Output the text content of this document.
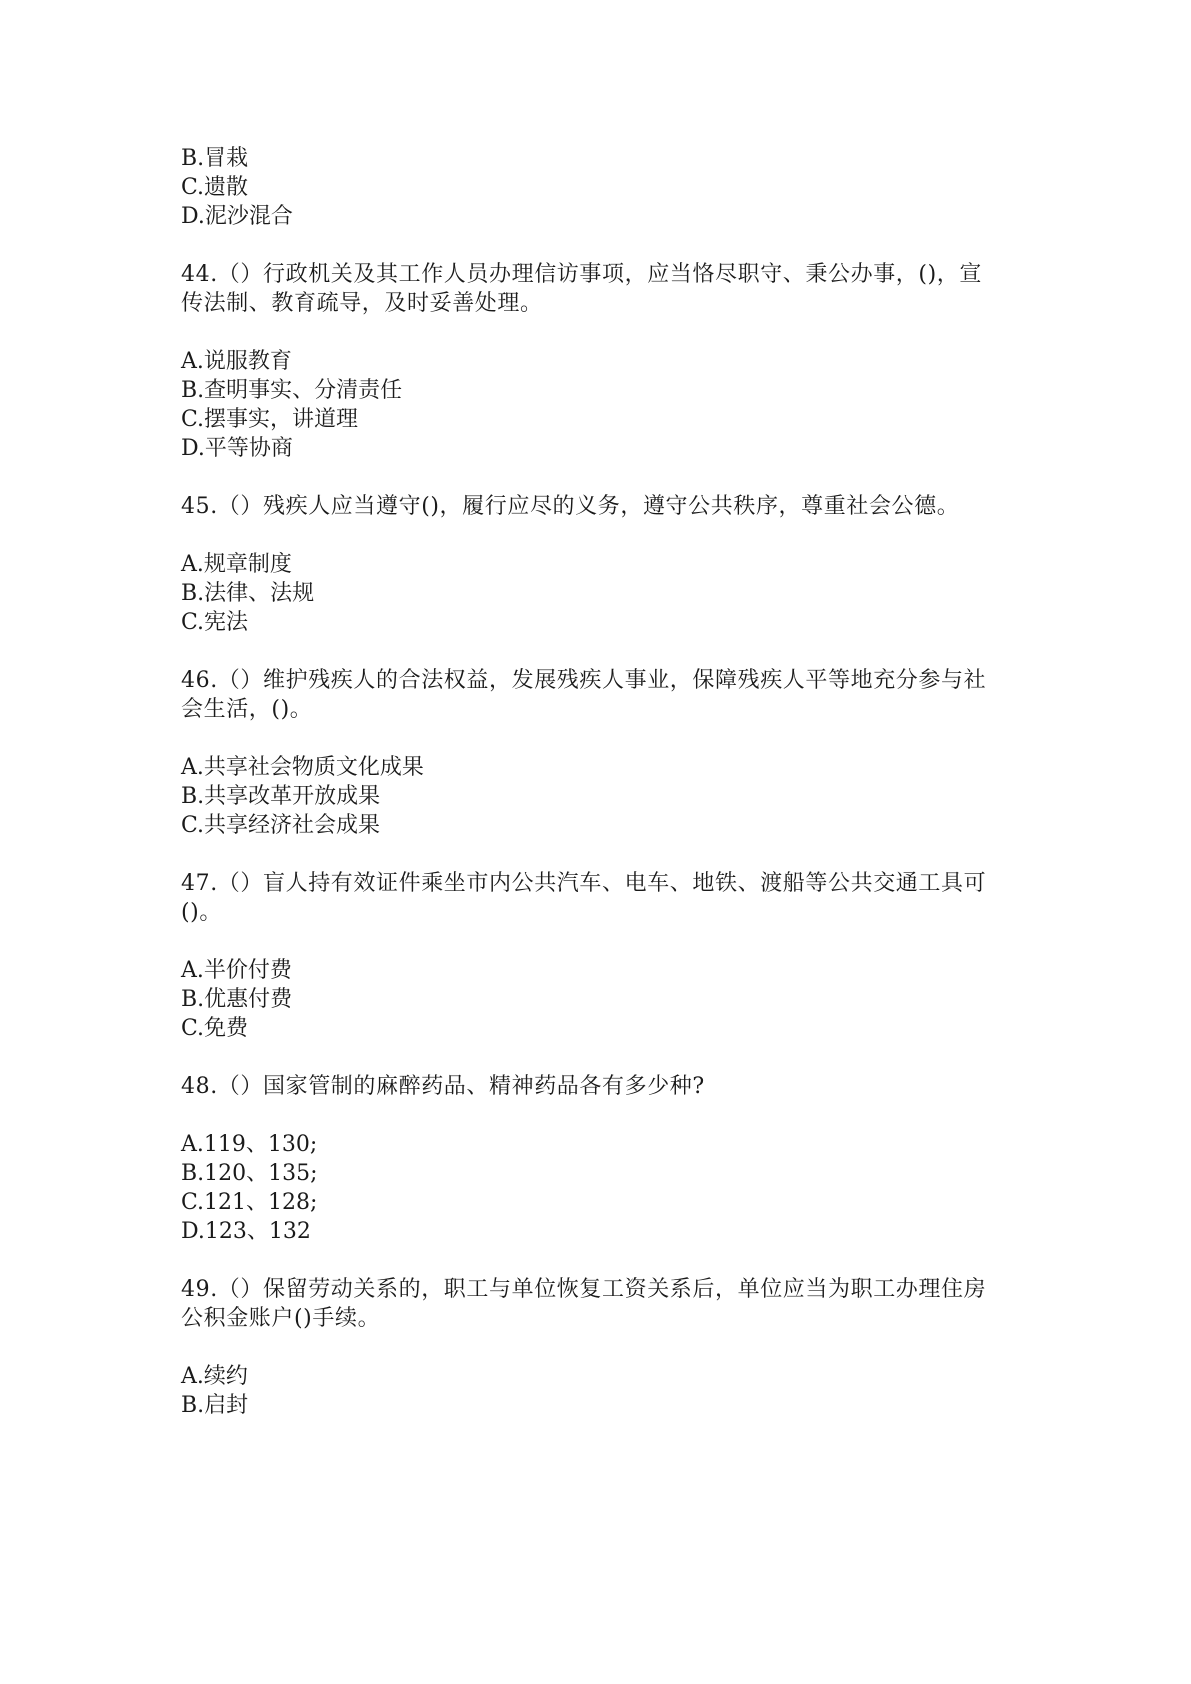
B.冒栽
C.遗散
D.泥沙混合
44.（）行政机关及其工作人员办理信访事项，应当恪尽职守、秉公办事，()，宣
传法制、教育疏导，及时妥善处理。
A.说服教育
B.查明事实、分清责任
C.摆事实，讲道理
D.平等协商
45.（）残疾人应当遵守()，履行应尽的义务，遵守公共秩序，尊重社会公德。
A.规章制度
B.法律、法规
C.宪法
46.（）维护残疾人的合法权益，发展残疾人事业，保障残疾人平等地充分参与社
会生活，()。
A.共享社会物质文化成果
B.共享改革开放成果
C.共享经济社会成果
47.（）盲人持有效证件乘坐市内公共汽车、电车、地铁、渡船等公共交通工具可
()。
A.半价付费
B.优惠付费
C.免费
48.（）国家管制的麻醉药品、精神药品各有多少种?
A.119、130;
B.120、135;
C.121、128;
D.123、132
49.（）保留劳动关系的，职工与单位恢复工资关系后，单位应当为职工办理住房
公积金账户()手续。
A.续约
B.启封
